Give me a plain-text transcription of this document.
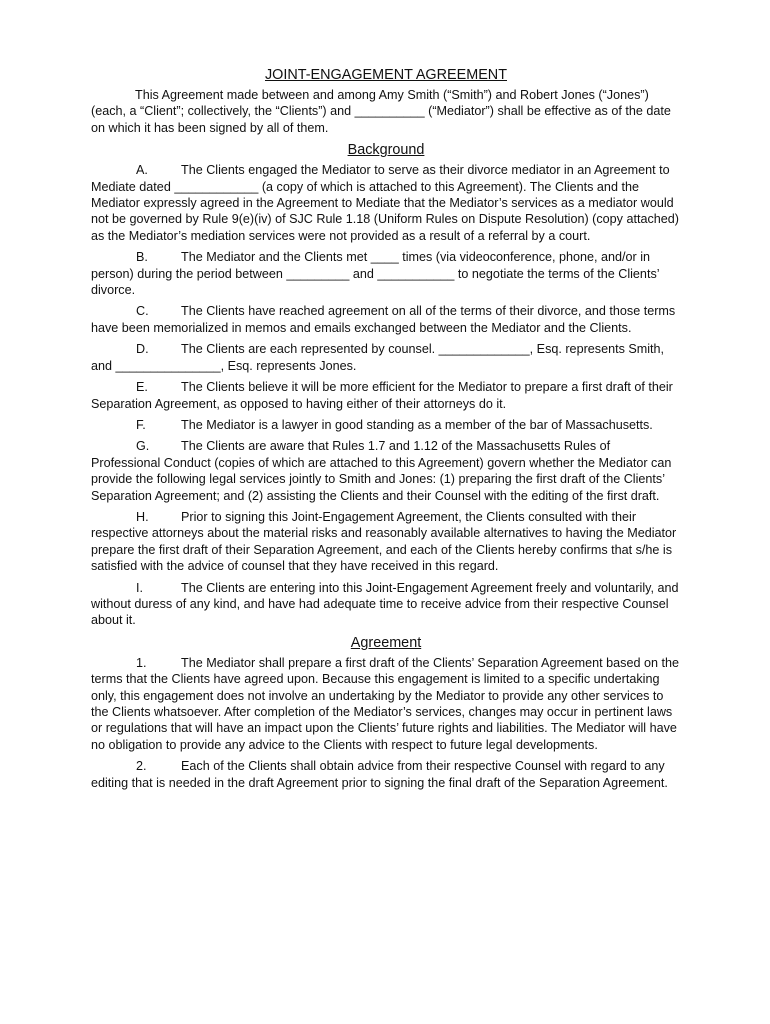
JOINT-ENGAGEMENT AGREEMENT

This Agreement made between and among Amy Smith (“Smith”) and Robert Jones (“Jones”) (each, a “Client”; collectively, the “Clients”) and __________ (“Mediator”) shall be effective as of the date on which it has been signed by all of them.

Background

A.	The Clients engaged the Mediator to serve as their divorce mediator in an Agreement to Mediate dated ____________ (a copy of which is attached to this Agreement). The Clients and the Mediator expressly agreed in the Agreement to Mediate that the Mediator’s services as a mediator would not be governed by Rule 9(e)(iv) of SJC Rule 1.18 (Uniform Rules on Dispute Resolution) (copy attached) as the Mediator’s mediation services were not provided as a result of a referral by a court.

B.	The Mediator and the Clients met ____ times (via videoconference, phone, and/or in person) during the period between _________ and ___________ to negotiate the terms of the Clients’ divorce.

C.	The Clients have reached agreement on all of the terms of their divorce, and those terms have been memorialized in memos and emails exchanged between the Mediator and the Clients.

D.	The Clients are each represented by counsel. _____________, Esq. represents Smith, and _______________, Esq. represents Jones.

E.	The Clients believe it will be more efficient for the Mediator to prepare a first draft of their Separation Agreement, as opposed to having either of their attorneys do it.

F.	The Mediator is a lawyer in good standing as a member of the bar of Massachusetts.

G.	The Clients are aware that Rules 1.7 and 1.12 of the Massachusetts Rules of Professional Conduct (copies of which are attached to this Agreement) govern whether the Mediator can provide the following legal services jointly to Smith and Jones: (1) preparing the first draft of the Clients’ Separation Agreement; and (2) assisting the Clients and their Counsel with the editing of the first draft.

H.	Prior to signing this Joint-Engagement Agreement, the Clients consulted with their respective attorneys about the material risks and reasonably available alternatives to having the Mediator prepare the first draft of their Separation Agreement, and each of the Clients hereby confirms that s/he is satisfied with the advice of counsel that they have received in this regard.

I.	The Clients are entering into this Joint-Engagement Agreement freely and voluntarily, and without duress of any kind, and have had adequate time to receive advice from their respective Counsel about it.

Agreement

1.	The Mediator shall prepare a first draft of the Clients’ Separation Agreement based on the terms that the Clients have agreed upon. Because this engagement is limited to a specific undertaking only, this engagement does not involve an undertaking by the Mediator to provide any other services to the Clients whatsoever. After completion of the Mediator’s services, changes may occur in pertinent laws or regulations that will have an impact upon the Clients’ future rights and liabilities. The Mediator will have no obligation to provide any advice to the Clients with respect to future legal developments.

2.	Each of the Clients shall obtain advice from their respective Counsel with regard to any editing that is needed in the draft Agreement prior to signing the final draft of the Separation Agreement.
